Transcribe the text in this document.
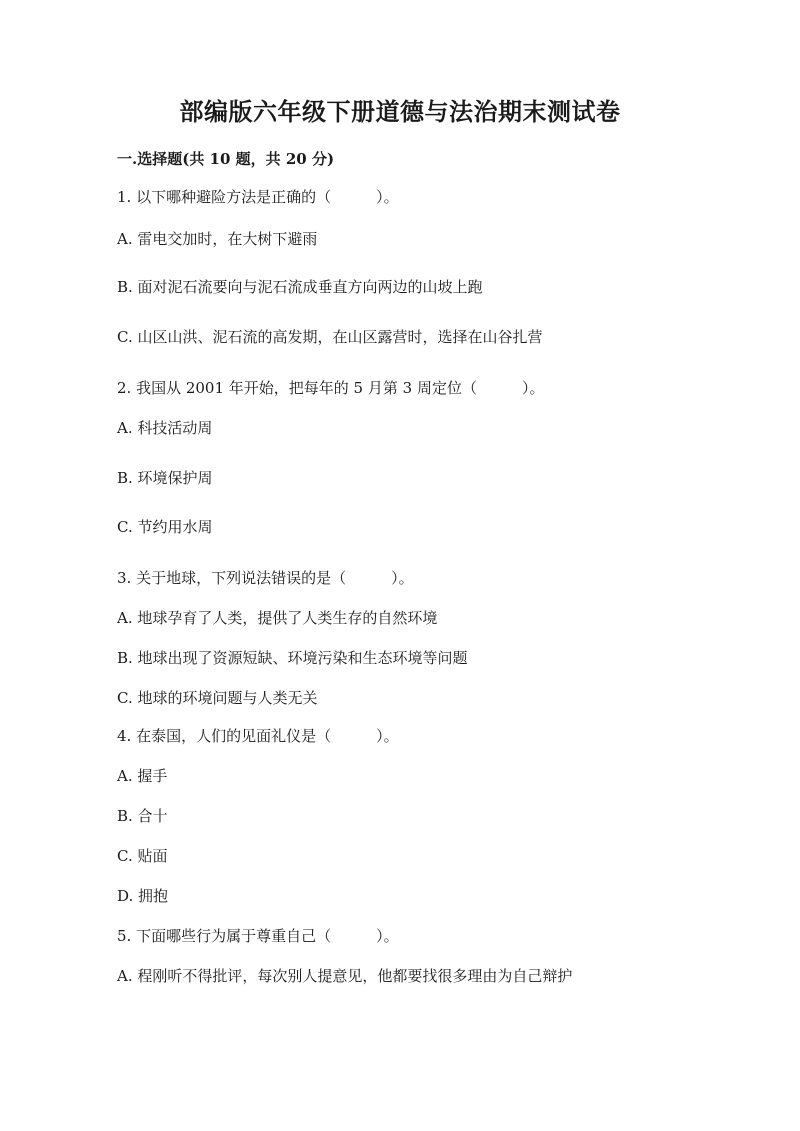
部编版六年级下册道德与法治期末测试卷
一.选择题(共 10 题，共 20 分)
1. 以下哪种避险方法是正确的（　　　）。
A. 雷电交加时，在大树下避雨
B. 面对泥石流要向与泥石流成垂直方向两边的山坡上跑
C. 山区山洪、泥石流的高发期，在山区露营时，选择在山谷扎营
2. 我国从 2001 年开始，把每年的 5 月第 3 周定位（　　　）。
A. 科技活动周
B. 环境保护周
C. 节约用水周
3. 关于地球，下列说法错误的是（　　　）。
A. 地球孕育了人类，提供了人类生存的自然环境
B. 地球出现了资源短缺、环境污染和生态环境等问题
C. 地球的环境问题与人类无关
4. 在泰国，人们的见面礼仪是（　　　）。
A. 握手
B. 合十
C. 贴面
D. 拥抱
5. 下面哪些行为属于尊重自己（　　　）。
A. 程刚听不得批评，每次别人提意见，他都要找很多理由为自己辩护
